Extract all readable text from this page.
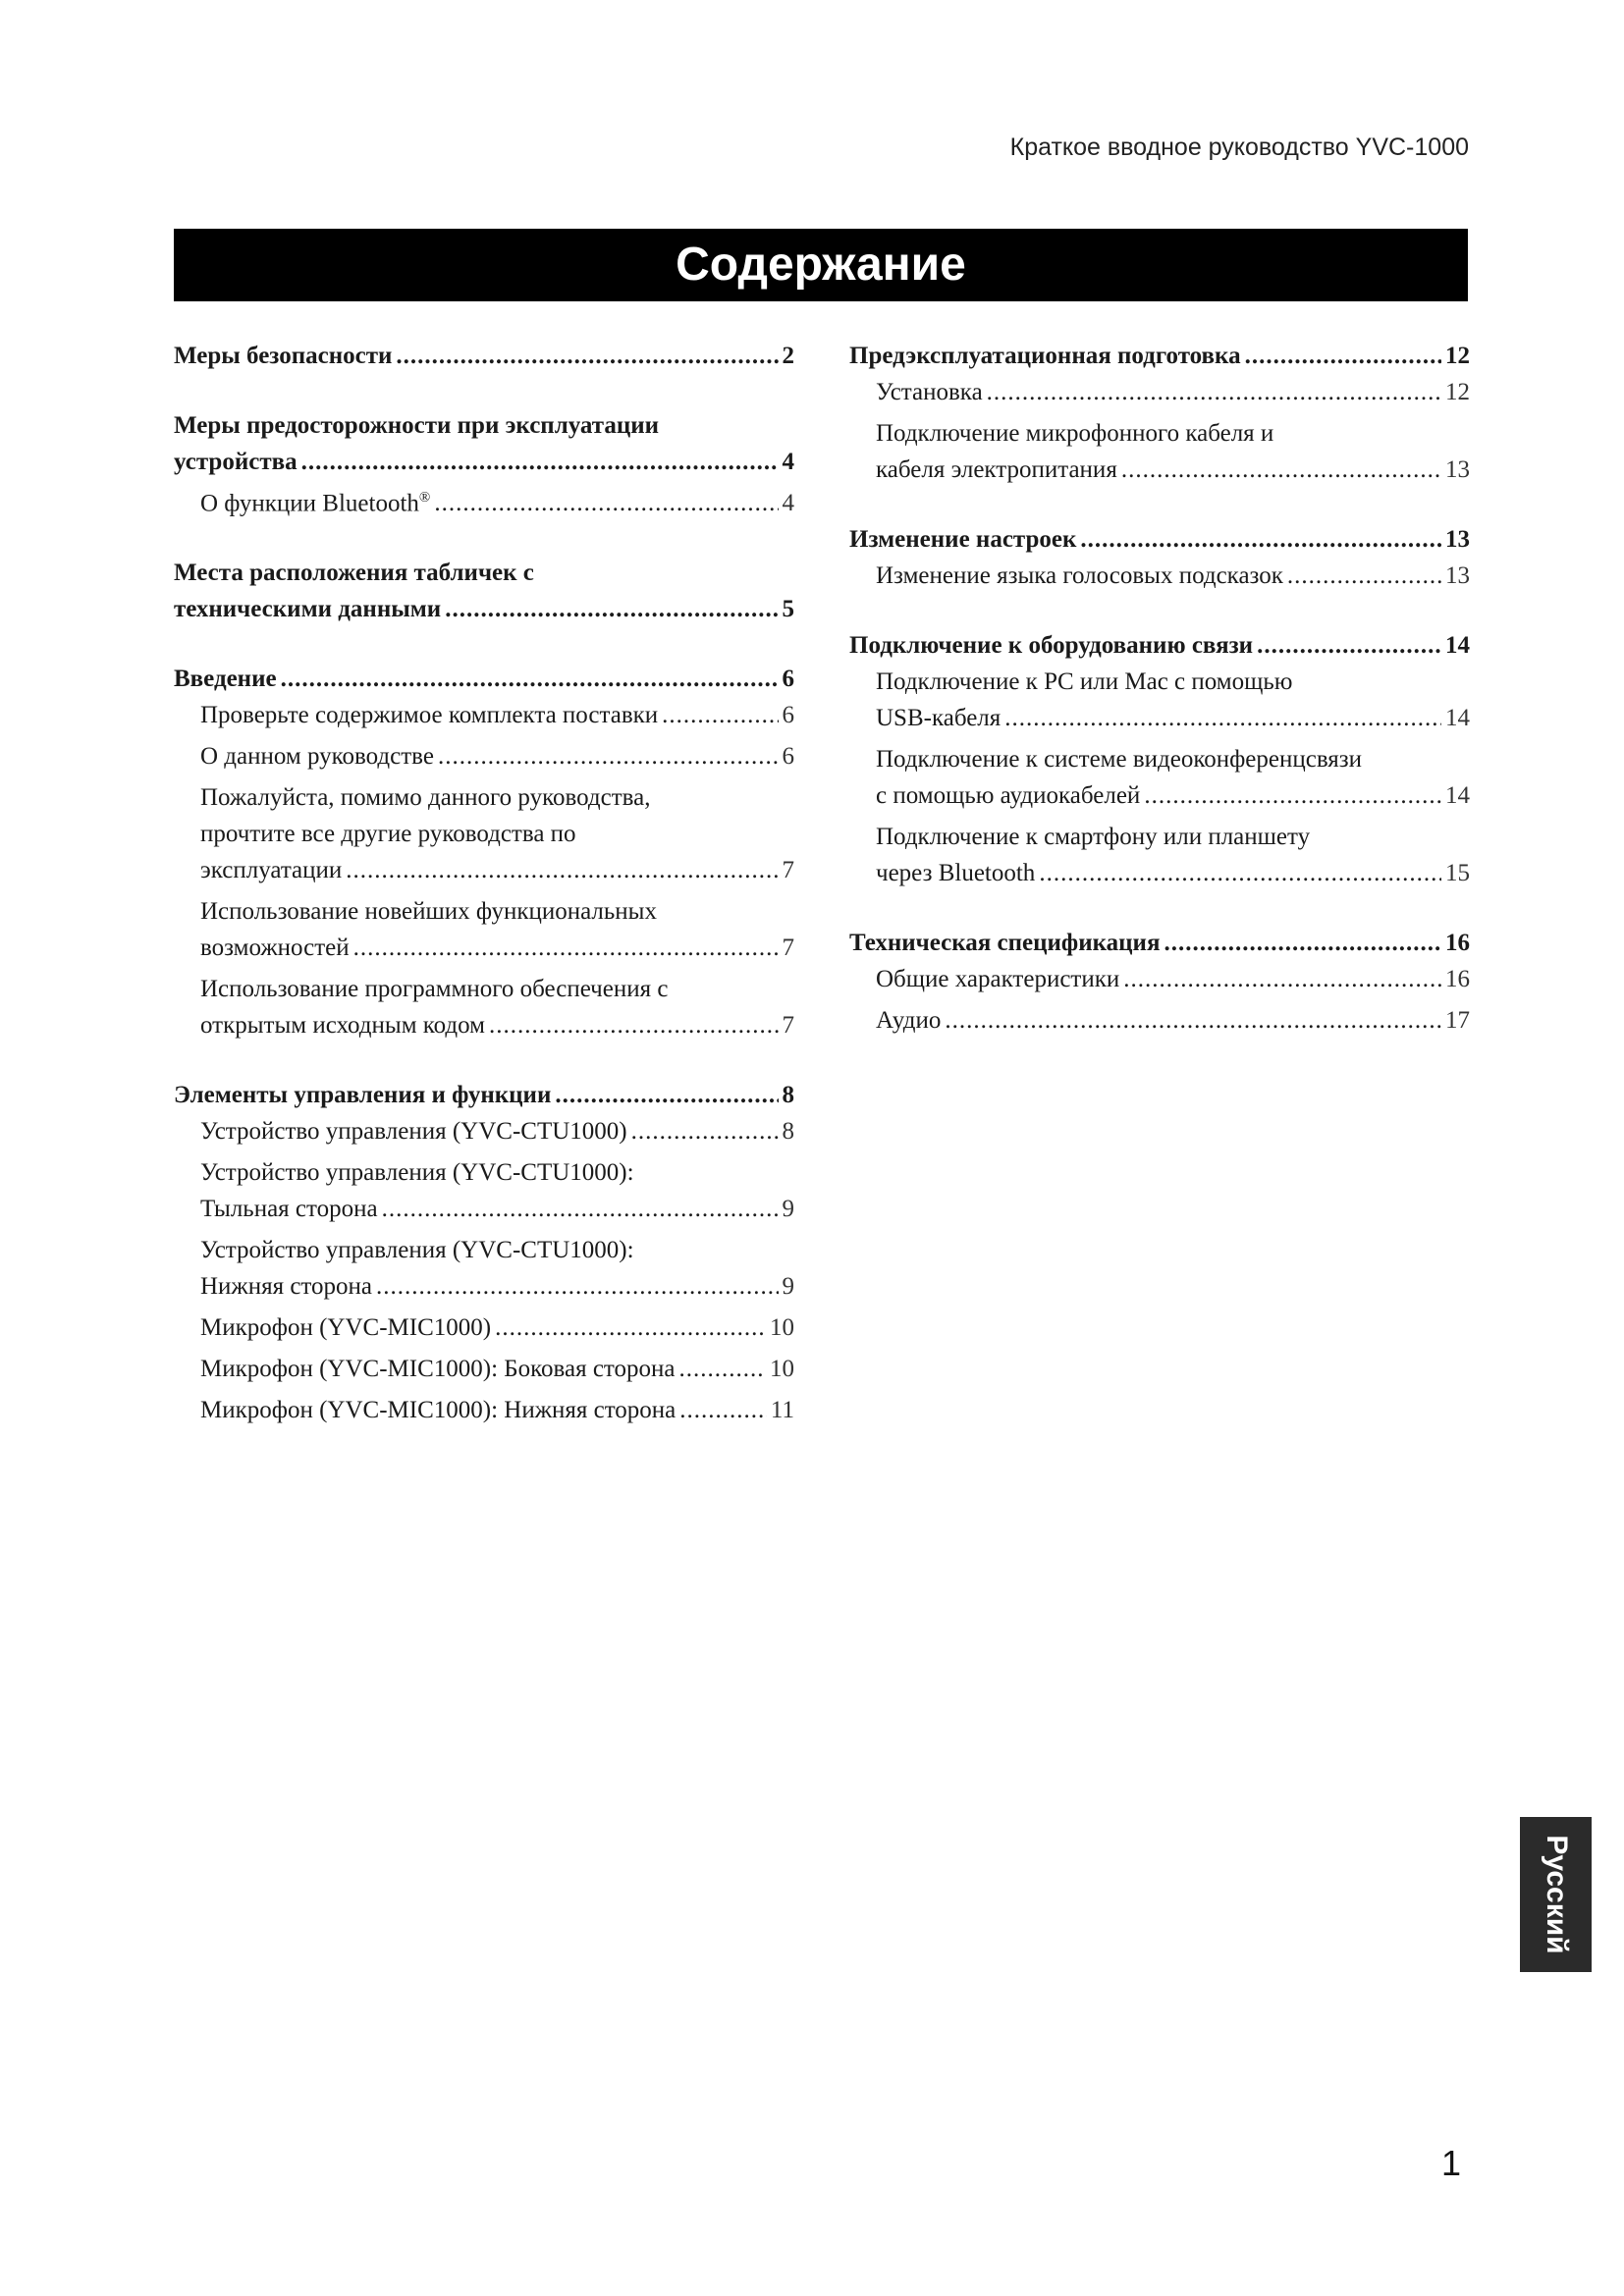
Краткое вводное руководство YVC-1000
Содержание
Меры безопасности .....	2
Меры предосторожности при эксплуатации
устройства .....	4
О функции Bluetooth® .....	4
Места расположения табличек с
техническими данными .....	5
Введение .....	6
Проверьте содержимое комплекта поставки .....	6
О данном руководстве .....	6
Пожалуйста, помимо данного руководства,
прочтите все другие руководства по
эксплуатации .....	7
Использование новейших функциональных
возможностей .....	7
Использование программного обеспечения с
открытым исходным кодом .....	7
Элементы управления и функции .....	8
Устройство управления (YVC-CTU1000) .....	8
Устройство управления (YVC-CTU1000):
Тыльная сторона .....	9
Устройство управления (YVC-CTU1000):
Нижняя сторона .....	9
Микрофон (YVC-MIC1000) .....	10
Микрофон (YVC-MIC1000): Боковая сторона .....	10
Микрофон (YVC-MIC1000): Нижняя сторона .....	11
Предэксплуатационная подготовка .....	12
Установка .....	12
Подключение микрофонного кабеля и
кабеля электропитания .....	13
Изменение настроек .....	13
Изменение языка голосовых подсказок .....	13
Подключение к оборудованию связи .....	14
Подключение к PC или Mac с помощью
USB-кабеля .....	14
Подключение к системе видеоконференцсвязи
с помощью аудиокабелей .....	14
Подключение к смартфону или планшету
через Bluetooth .....	15
Техническая спецификация .....	16
Общие характеристики .....	16
Аудио .....	17
Русский
1
